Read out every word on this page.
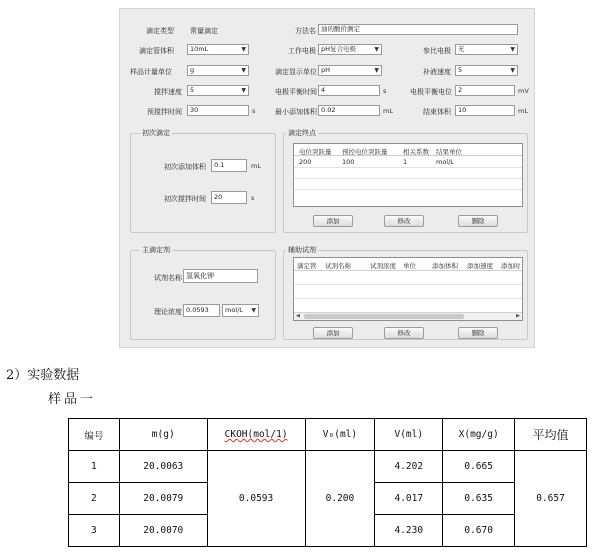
滴定类型 常量滴定	方法名 油的酸价测定
滴定管体积	10mL	▼	工作电极 pH复合电极	▼	参比电极	无	▼
样品计量单位	g	▼	滴定显示单位 pH	▼	补液速度	5	▼
搅拌速度	5	▼	电极平衡时间 4	s	电极平衡电位 2	mV
预搅拌时间	30	s	最小添加体积 0.02	mL	结束体积	10	mL
初次滴定
初次添加体积	0.1	mL
初次搅拌时间	20	s
滴定终点
电位突跃量 预控电位突跃量 相关系数 结果单位
200	100	1	mol/L
添加	修改	删除
主滴定剂
试剂名称 氢氧化钾
理论浓度 0.0593	mol/L ▼
辅助试剂
滴定管 试剂名称	试剂浓度 单位 添加体积 添加速度 添加时
◀	▶
添加	修改	删除
2）实验数据
样品一
编号	m(g)	CKOH(mol/1)	V₀(ml)	V(ml)	X(mg/g)	平均值
1	20.0063	0.0593	0.200	4.202	0.665	0.657
2	20.0079			4.017	0.635	
3	20.0070			4.230	0.670	
